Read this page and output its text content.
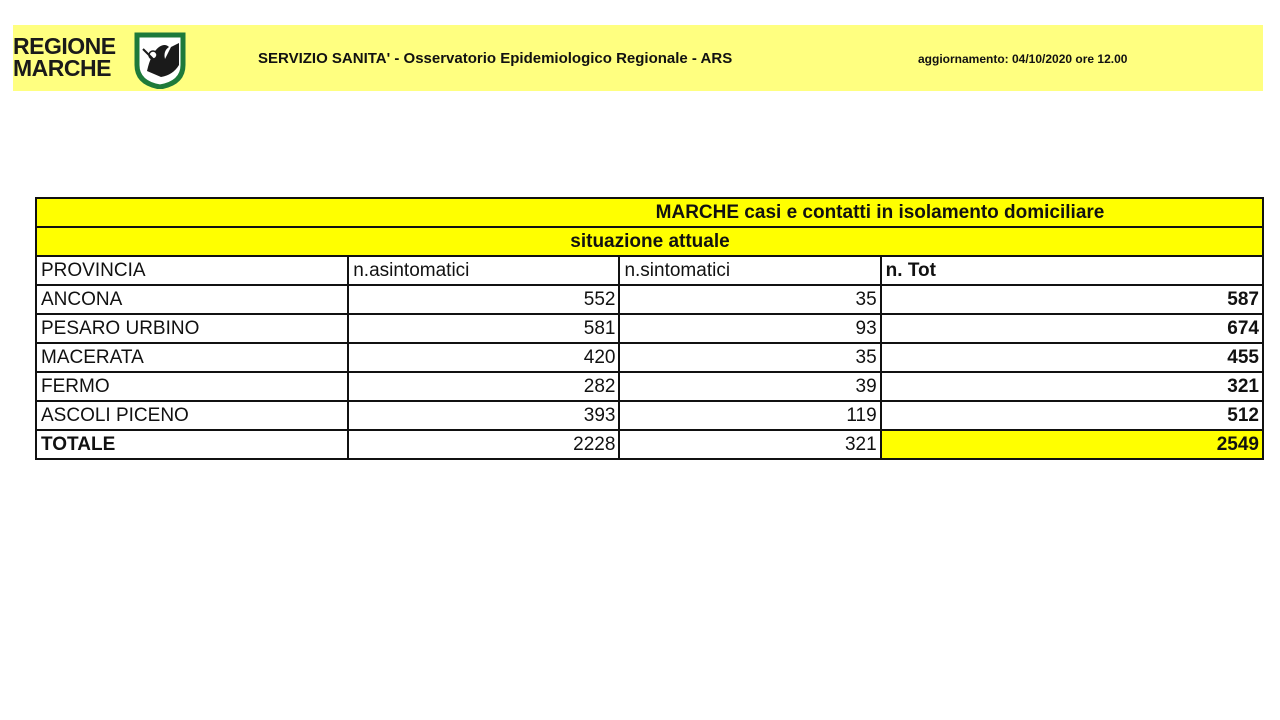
REGIONE
MARCHE	SERVIZIO SANITA' - Osservatorio Epidemiologico Regionale - ARS	aggiornamento: 04/10/2020 ore 12.00
MARCHE casi e contatti in isolamento domiciliare			
situazione attuale			
PROVINCIA	n.asintomatici	n.sintomatici	n. Tot
ANCONA	552	35	587
PESARO URBINO	581	93	674
MACERATA	420	35	455
FERMO	282	39	321
ASCOLI PICENO	393	119	512
TOTALE	2228	321	2549
